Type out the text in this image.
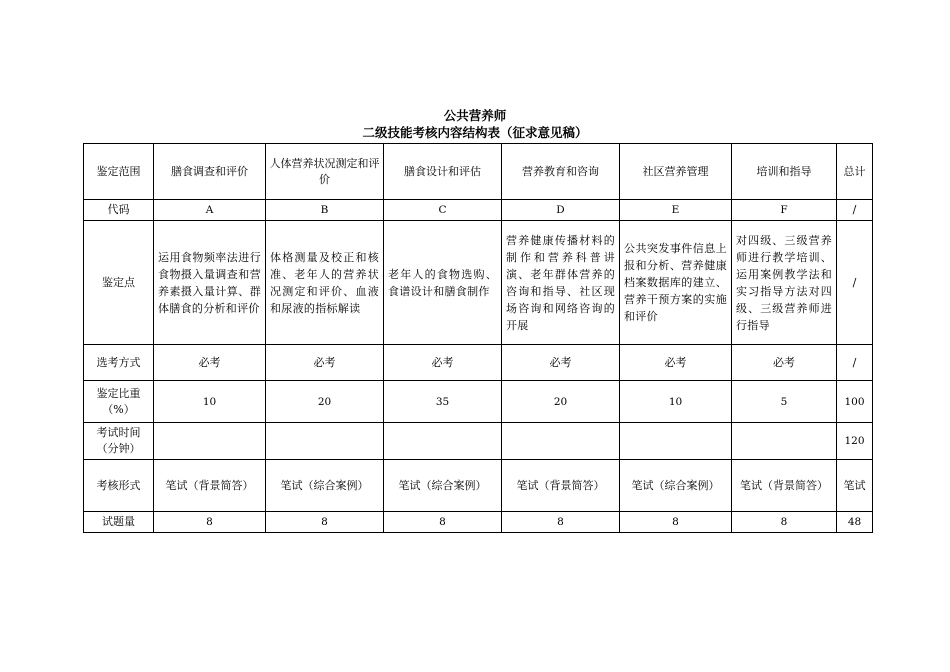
公共营养师
二级技能考核内容结构表（征求意见稿）
鉴定范围	膳食调查和评价	人体营养状况测定和评价	膳食设计和评估	营养教育和咨询	社区营养管理	培训和指导	总计
代码	A	B	C	D	E	F	/
鉴定点	运用食物频率法进行食物摄入量调查和营养素摄入量计算、群体膳食的分析和评价	体格测量及校正和核准、老年人的营养状况测定和评价、血液和尿液的指标解读	老年人的食物选购、食谱设计和膳食制作	营养健康传播材料的制作和营养科普讲演、老年群体营养的咨询和指导、社区现场咨询和网络咨询的开展	公共突发事件信息上报和分析、营养健康档案数据库的建立、营养干预方案的实施和评价	对四级、三级营养师进行教学培训、运用案例教学法和实习指导方法对四级、三级营养师进行指导	/
选考方式	必考	必考	必考	必考	必考	必考	/

鉴定比重
（%）	10	20	35	20	10	5	100

考试时间
（分钟）							120
考核形式	笔试（背景简答）	笔试（综合案例）	笔试（综合案例）	笔试（背景简答）	笔试（综合案例）	笔试（背景简答）	笔试
试题量	8	8	8	8	8	8	48
